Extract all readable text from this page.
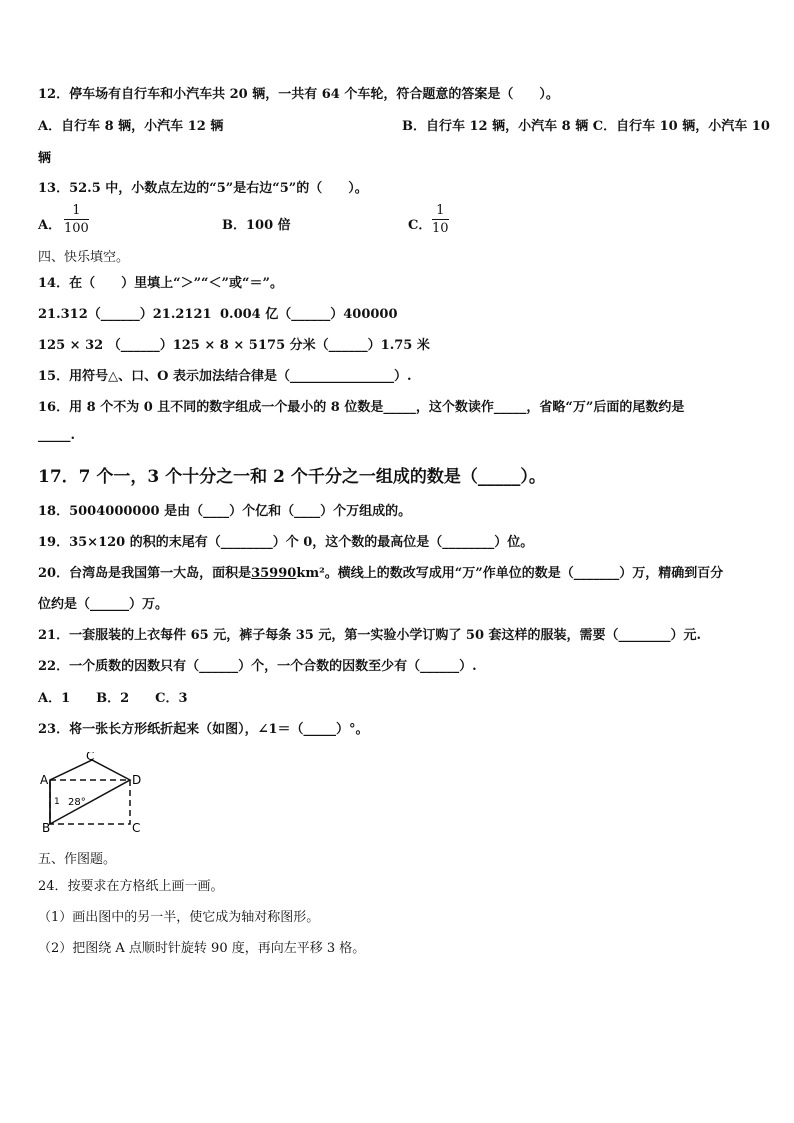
12．停车场有自行车和小汽车共 20 辆，一共有 64 个车轮，符合题意的答案是（　　）。
A．自行车 8 辆，小汽车 12 辆	B．自行车 12 辆，小汽车 8 辆 C．自行车 10 辆，小汽车 10
辆
13．52.5 中，小数点左边的“5”是右边“5”的（　　）。
A．
1
100	B．100 倍	C．
1
10
四、快乐填空。
14．在（　　）里填上“＞”“＜”或“＝”。
21.312（______）21.2121 0.004 亿（______）400000
125 × 32 （______）125 × 8 × 5 175 分米（______）1.75 米
15．用符号△、口、O 表示加法结合律是（________________）.
16．用 8 个不为 0 且不同的数字组成一个最小的 8 位数是_____，这个数读作_____，省略“万”后面的尾数约是
_____.
17．7 个一，3 个十分之一和 2 个千分之一组成的数是（_____）。
18．5004000000 是由（____）个亿和（____）个万组成的。
19．35×120 的积的末尾有（________）个 0，这个数的最高位是（________）位。
20．台湾岛是我国第一大岛，面积是35990km²。横线上的数改写成用“万”作单位的数是（_______）万，精确到百分
位约是（______）万。
21．一套服装的上衣每件 65 元，裤子每条 35 元，第一实验小学订购了 50 套这样的服装，需要（________）元.
22．一个质数的因数只有（______）个，一个合数的因数至少有（______）.
A．1　　B．2　　C．3
23．将一张长方形纸折起来（如图），∠1＝（_____）°。
A
B
C
D
C
1 28°
五、作图题。
24．按要求在方格纸上画一画。
（1）画出图中的另一半，使它成为轴对称图形。
（2）把图绕 A 点顺时针旋转 90 度，再向左平移 3 格。
